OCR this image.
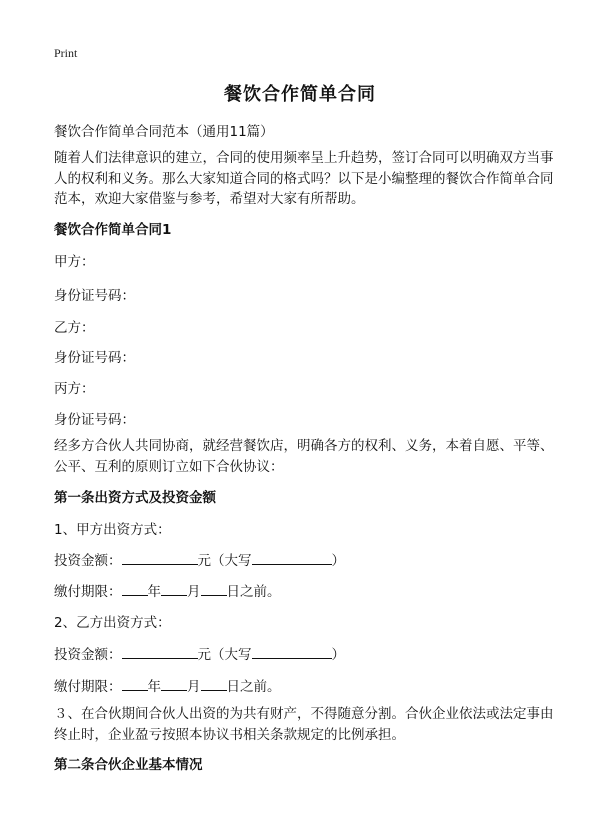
Print
餐饮合作简单合同
餐饮合作简单合同范本（通用11篇）
随着人们法律意识的建立，合同的使用频率呈上升趋势，签订合同可以明确双方当事人的权利和义务。那么大家知道合同的格式吗？以下是小编整理的餐饮合作简单合同范本，欢迎大家借鉴与参考，希望对大家有所帮助。
餐饮合作简单合同1
甲方：
身份证号码：
乙方：
身份证号码：
丙方：
身份证号码：
经多方合伙人共同协商，就经营餐饮店，明确各方的权利、义务，本着自愿、平等、公平、互利的原则订立如下合伙协议：
第一条出资方式及投资金额
1、甲方出资方式：
投资金额：	元（大写	）
缴付期限： 年 月 日之前。
2、乙方出资方式：
投资金额：	元（大写	）
缴付期限： 年 月 日之前。
３、在合伙期间合伙人出资的为共有财产，不得随意分割。合伙企业依法或法定事由终止时，企业盈亏按照本协议书相关条款规定的比例承担。
第二条合伙企业基本情况
